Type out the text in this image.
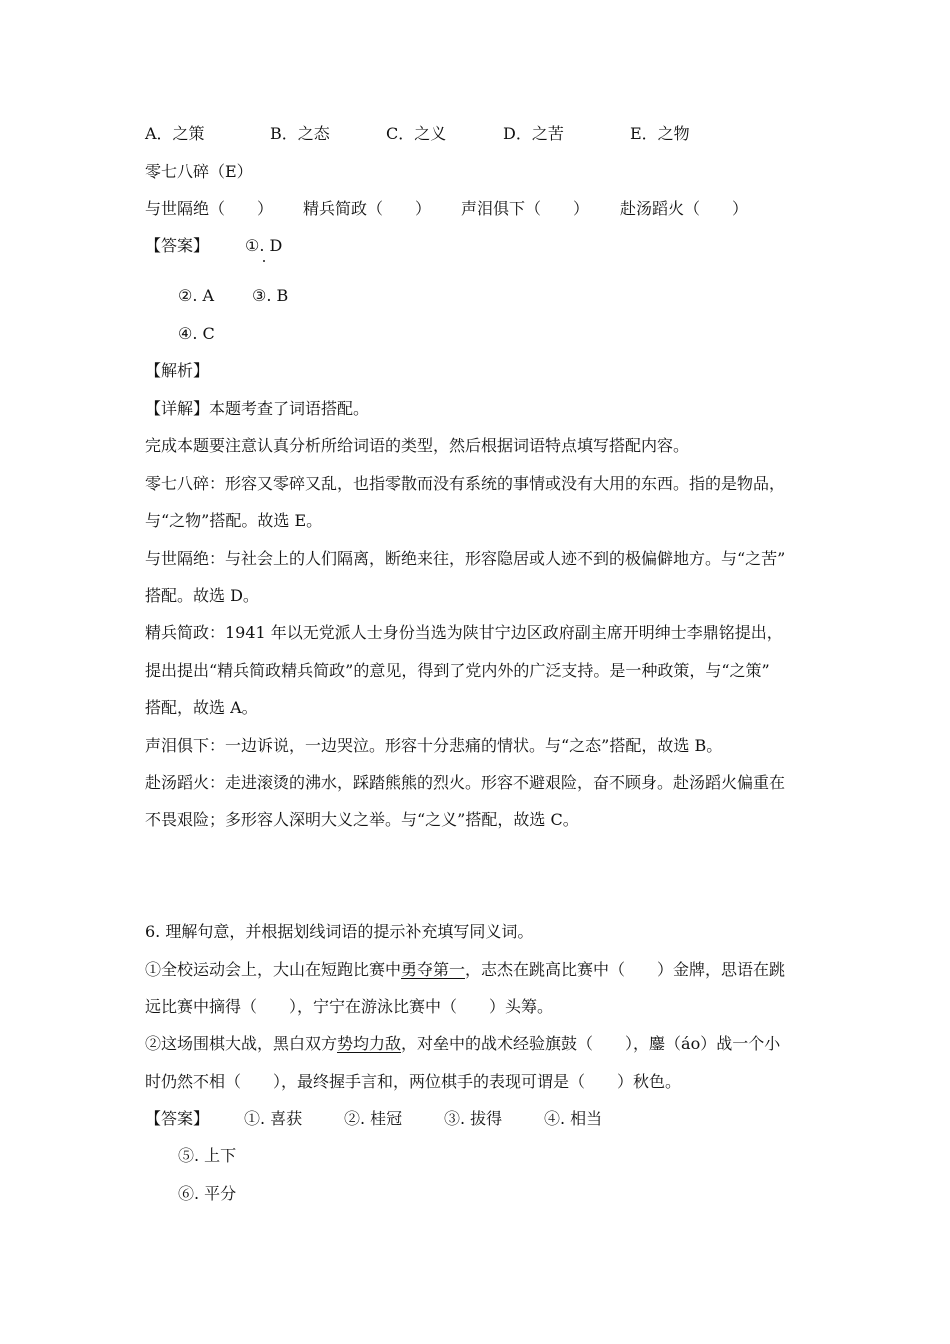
A．之策	B．之态	C．之义	D．之苦	E．之物
零七八碎（E）
与世隔绝（　　） 精兵简政（　　） 声泪俱下（　　） 赴汤蹈火（　　）
【答案】 ①. D
②. A ③. B
④. C
【解析】
【详解】本题考查了词语搭配。
完成本题要注意认真分析所给词语的类型，然后根据词语特点填写搭配内容。
零七八碎：形容又零碎又乱，也指零散而没有系统的事情或没有大用的东西。指的是物品，
与“之物”搭配。故选 E。
与世隔绝：与社会上的人们隔离，断绝来往，形容隐居或人迹不到的极偏僻地方。与“之苦”
搭配。故选 D。
精兵简政：1941 年以无党派人士身份当选为陕甘宁边区政府副主席开明绅士李鼎铭提出，
提出提出“精兵简政精兵简政”的意见，得到了党内外的广泛支持。是一种政策，与“之策”
搭配，故选 A。
声泪俱下：一边诉说，一边哭泣。形容十分悲痛的情状。与“之态”搭配，故选 B。
赴汤蹈火：走进滚烫的沸水，踩踏熊熊的烈火。形容不避艰险，奋不顾身。赴汤蹈火偏重在
不畏艰险；多形容人深明大义之举。与“之义”搭配，故选 C。
6. 理解句意，并根据划线词语的提示补充填写同义词。
①全校运动会上，大山在短跑比赛中勇夺第一，志杰在跳高比赛中（　　）金牌，思语在跳
远比赛中摘得（　　），宁宁在游泳比赛中（　　）头筹。
②这场围棋大战，黑白双方势均力敌，对垒中的战术经验旗鼓（　　），鏖（áo）战一个小
时仍然不相（　　），最终握手言和，两位棋手的表现可谓是（　　）秋色。
【答案】 ①. 喜获	②. 桂冠	③. 拔得	④. 相当
⑤. 上下
⑥. 平分
